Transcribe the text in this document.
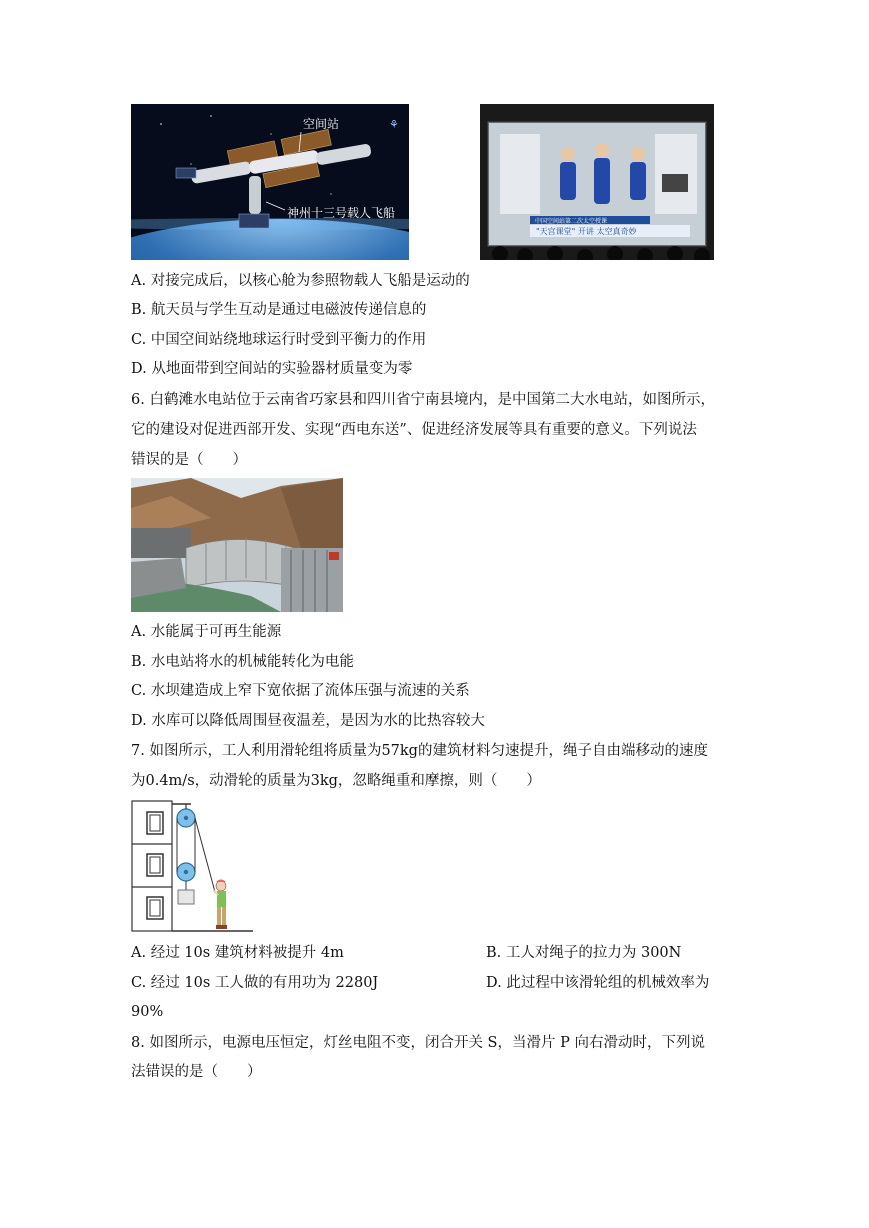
⚘
空间站
神州十三号载人飞船
中国空间站第二次太空授课
"天宫课堂" 开讲 太空真奇妙
A. 对接完成后，以核心舱为参照物载人飞船是运动的
B. 航天员与学生互动是通过电磁波传递信息的
C. 中国空间站绕地球运行时受到平衡力的作用
D. 从地面带到空间站的实验器材质量变为零
6. 白鹤滩水电站位于云南省巧家县和四川省宁南县境内，是中国第二大水电站，如图所示，
它的建设对促进西部开发、实现“西电东送”、促进经济发展等具有重要的意义。下列说法
错误的是（　　）
A. 水能属于可再生能源
B. 水电站将水的机械能转化为电能
C. 水坝建造成上窄下宽依据了流体压强与流速的关系
D. 水库可以降低周围昼夜温差，是因为水的比热容较大
7. 如图所示，工人利用滑轮组将质量为57kg的建筑材料匀速提升，绳子自由端移动的速度
为0.4m/s，动滑轮的质量为3kg，忽略绳重和摩擦，则（　　）
A. 经过 10s 建筑材料被提升 4m	B. 工人对绳子的拉力为 300N
C. 经过 10s 工人做的有用功为 2280J	D. 此过程中该滑轮组的机械效率为
90%
8. 如图所示，电源电压恒定，灯丝电阻不变，闭合开关 S，当滑片 P 向右滑动时，下列说
法错误的是（　　）
